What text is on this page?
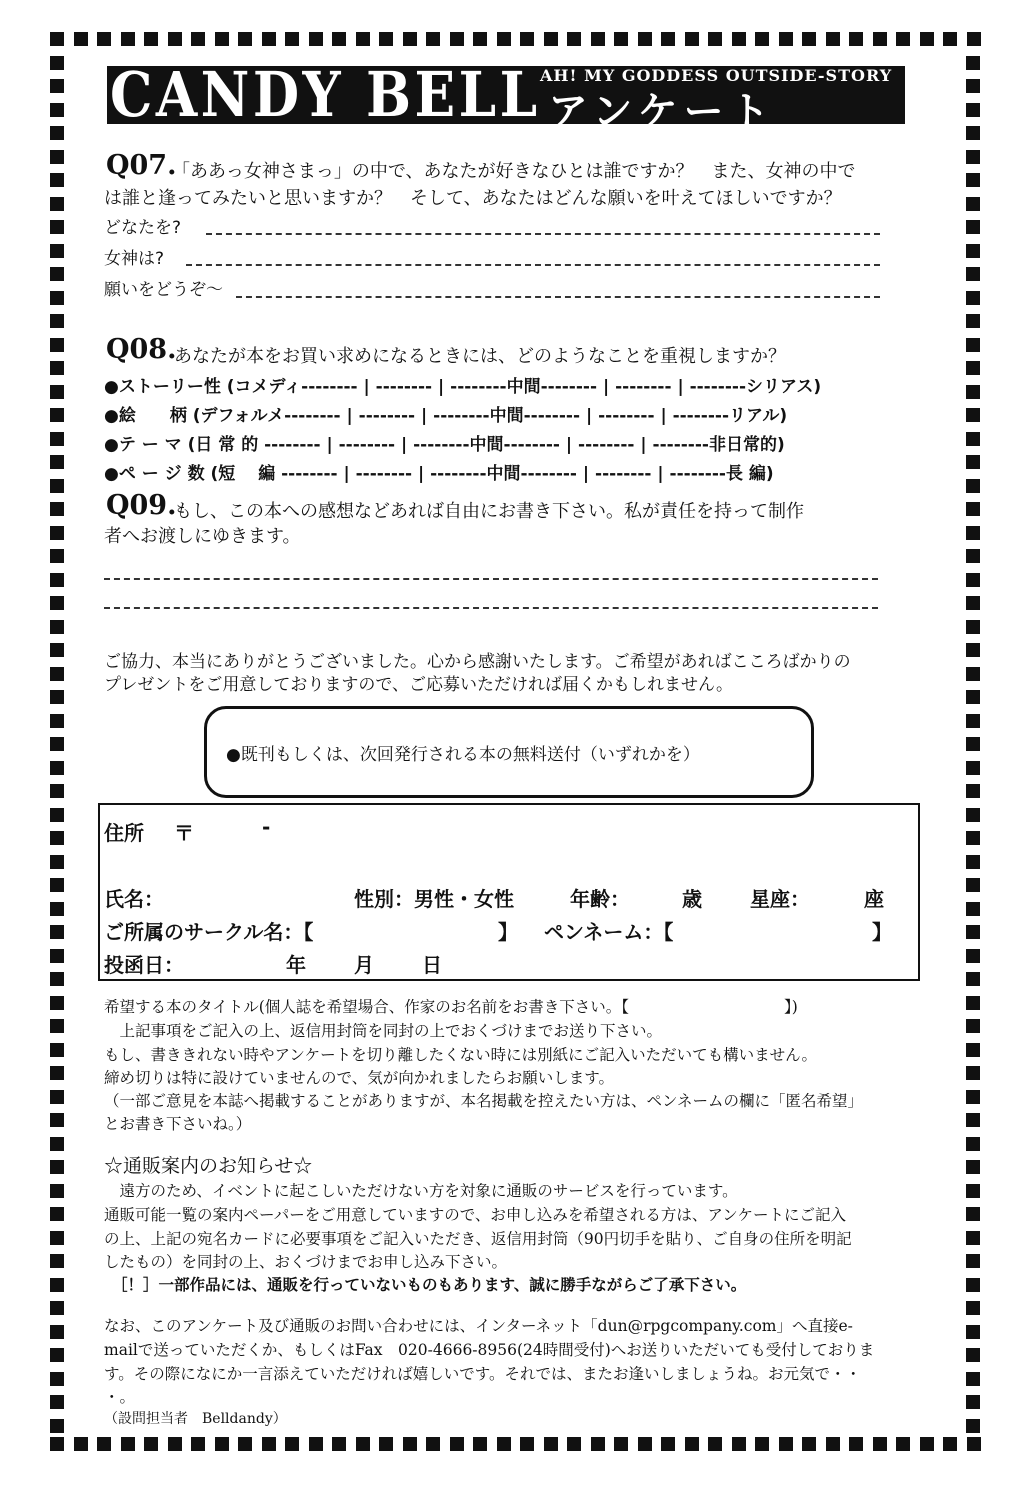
CANDY BELL AH! MY GODDESS OUTSIDE-STORY
アンケート
Q07.
「ああっ女神さまっ」の中で、あなたが好きなひとは誰ですか？　また、女神の中で
は誰と逢ってみたいと思いますか？　そして、あなたはどんな願いを叶えてほしいですか？
どなたを?
女神は?
願いをどうぞ～
Q08.
あなたが本をお買い求めになるときには、どのようなことを重視しますか？
●ストーリー性 (コメディ-------- | -------- | --------中間-------- | -------- | --------シリアス)
●絵　　柄 (デフォルメ-------- | -------- | --------中間-------- | -------- | --------リアル)
●テ ー マ (日 常 的 -------- | -------- | --------中間-------- | -------- | --------非日常的)
●ペ ー ジ 数 (短　 編 -------- | -------- | --------中間-------- | -------- | --------長 編)
Q09.
もし、この本への感想などあれば自由にお書き下さい。私が責任を持って制作
者へお渡しにゆきます。
ご協力、本当にありがとうございました。心から感謝いたします。ご希望があればこころばかりの
プレゼントをご用意しておりますので、ご応募いただければ届くかもしれません。
●既刊もしくは、次回発行される本の無料送付（いずれかを）
住所 〒	-
氏名：	性別：男性・女性	年齢：	歳 星座：	座
ご所属のサークル名：【	】 ペンネーム：【	】
投函日：	年 月 日
希望する本のタイトル(個人誌を希望場合、作家のお名前をお書き下さい。【　　　　　　　　　　】)
　上記事項をご記入の上、返信用封筒を同封の上でおくづけまでお送り下さい。
もし、書ききれない時やアンケートを切り離したくない時には別紙にご記入いただいても構いません。
締め切りは特に設けていませんので、気が向かれましたらお願いします。
（一部ご意見を本誌へ掲載することがありますが、本名掲載を控えたい方は、ペンネームの欄に「匿名希望」
とお書き下さいね。）
☆通販案内のお知らせ☆
　遠方のため、イベントに起こしいただけない方を対象に通販のサービスを行っています。
通販可能一覧の案内ペーパーをご用意していますので、お申し込みを希望される方は、アンケートにご記入
の上、上記の宛名カードに必要事項をご記入いただき、返信用封筒（90円切手を貼り、ご自身の住所を明記
したもの）を同封の上、おくづけまでお申し込み下さい。
［！］一部作品には、通販を行っていないものもあります、誠に勝手ながらご了承下さい。
なお、このアンケート及び通販のお問い合わせには、インターネット「dun@rpgcompany.com」へ直接e-
mailで送っていただくか、もしくはFax　020-4666-8956(24時間受付)へお送りいただいても受付しておりま
す。その際になにか一言添えていただければ嬉しいです。それでは、またお逢いしましょうね。お元気で・・
・。
（設問担当者　Belldandy）
